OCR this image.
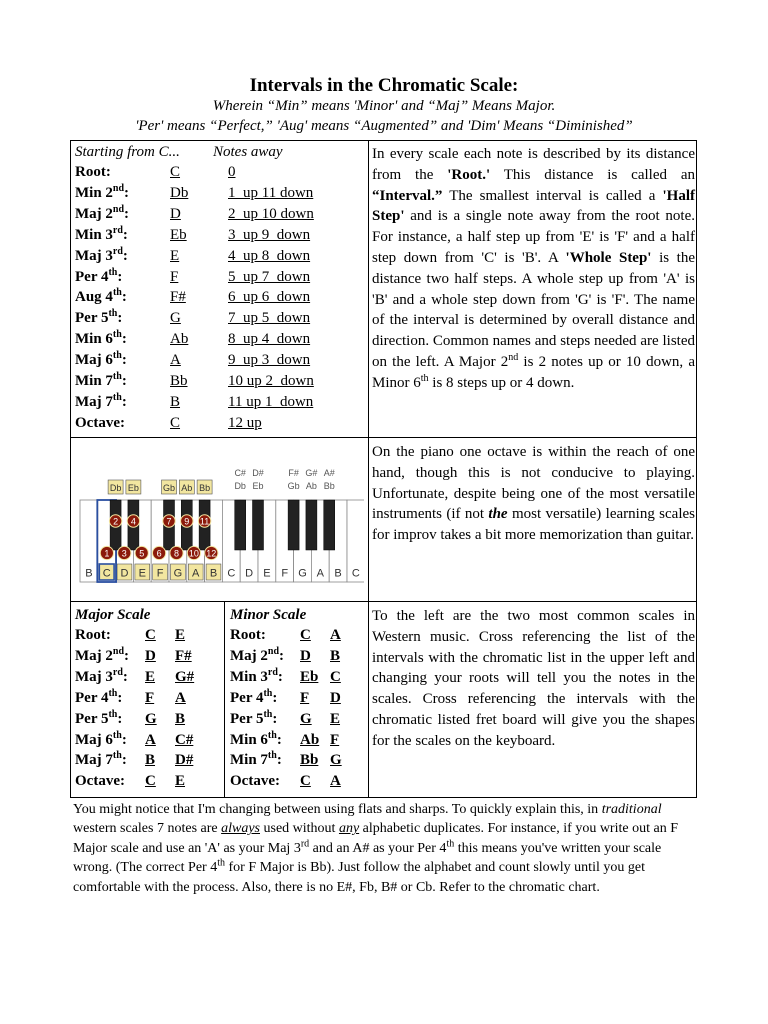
Intervals in the Chromatic Scale:
Wherein “Min” means 'Minor' and “Maj” Means Major.
'Per' means “Perfect,” 'Aug' means “Augmented” and 'Dim' Means “Diminished”
Starting from C... Notes away
Root:	C	0
Min 2nd:	Db	1  up 11 down
Maj 2nd:	D	2  up 10 down
Min 3rd:	Eb	3  up 9  down
Maj 3rd:	E	4  up 8  down
Per 4th:	F	5  up 7  down
Aug 4th:	F#	6  up 6  down
Per 5th:	G	7  up 5  down
Min 6th:	Ab	8  up 4  down
Maj 6th:	A	9  up 3  down
Min 7th:	Bb	10 up 2  down
Maj 7th:	B	11 up 1  down
Octave:	C	12 up
In every scale each note is described by its distance from the 'Root.' This distance is called an “Interval.” The smallest interval is called a 'Half Step' and is a single note away from the root note. For instance, a half step up from 'E' is 'F' and a half step down from 'C' is 'B'. A 'Whole Step' is the distance two half steps. A whole step up from 'A' is 'B' and a whole step down from 'G' is 'F'. The name of the interval is determined by overall distance and direction. Common names and steps needed are listed on the left. A Major 2nd is 2 notes up or 10 down, a Minor 6th is 8 steps up or 4 down.
On the piano one octave is within the reach of one hand, though this is not conducive to playing. Unfortunate, despite being one of the most versatile instruments (if not the most versatile) learning scales for improv takes a bit more memorization than guitar.
Major Scale	Minor Scale
Root: C E
Maj 2nd: D F#
Maj 3rd: E G#
Per 4th: F A
Per 5th: G B
Maj 6th: A C#
Maj 7th: B D#
Octave: C E
Root: C A
Maj 2nd: D B
Min 3rd: Eb C
Per 4th: F D
Per 5th: G E
Min 6th: Ab F
Min 7th: Bb G
Octave: C A
To the left are the two most common scales in Western music. Cross referencing the list of the intervals with the chromatic list in the upper left and changing your roots will tell you the notes in the scales. Cross referencing the intervals with the chromatic listed fret board will give you the shapes for the scales on the keyboard.
B C D E F G A B C D E F G A B C
Db Eb	Gb Ab Bb
C#
Db
D#
Eb
F#
Gb
G#
Ab
A#
Bb
2 4	7 9 11
1 3 5 6 8 10 12
You might notice that I'm changing between using flats and sharps. To quickly explain this, in traditional western scales 7 notes are always used without any alphabetic duplicates. For instance, if you write out an F Major scale and use an 'A' as your Maj 3rd and an A# as your Per 4th this means you've written your scale wrong. (The correct Per 4th for F Major is Bb). Just follow the alphabet and count slowly until you get comfortable with the process. Also, there is no E#, Fb, B# or Cb. Refer to the chromatic chart.
